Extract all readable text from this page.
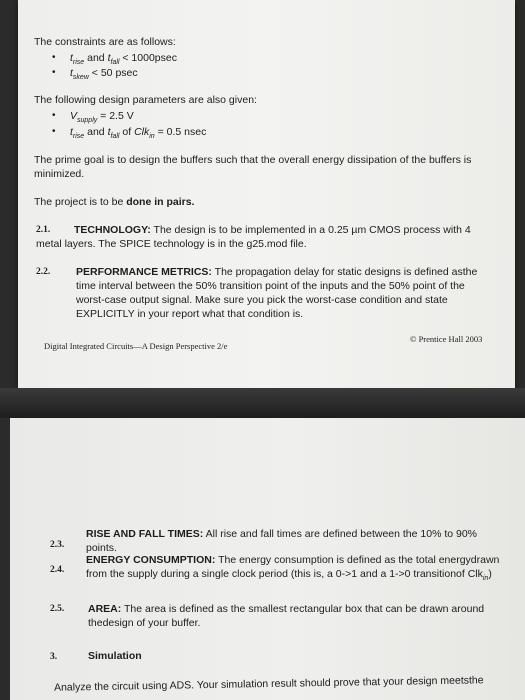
The constraints are as follows:
• $t_{rise}$ and $t_{fall} < 1000psec$
• $t_{skew} < 50$ psec
The following design parameters are also given:
• $V_{supply} = 2.5$ V
• $t_{rise}$ and $t_{fall}$ of Clk$_{in}$ = 0.5 nsec
The prime goal is to design the buffers such that the overall energy dissipation of the buffers is
minimized.
The project is to be done in pairs.
2.1. TECHNOLOGY: The design is to be implemented in a 0.25 µm CMOS process with 4
metal layers. The SPICE technology is in the g25.mod file.
2.2. PERFORMANCE METRICS: The propagation delay for static designs is defined asthe
time interval between the 50% transition point of the inputs and the 50% point of the
worst-case output signal. Make sure you pick the worst-case condition and state
EXPLICITLY in your report what that condition is.
Digital Integrated Circuits—A Design Perspective 2/e
© Prentice Hall 2003
2.3.
RISE AND FALL TIMES: All rise and fall times are defined between the 10% to 90%
points.
2.4.
ENERGY CONSUMPTION: The energy consumption is defined as the total energydrawn
from the supply during a single clock period (this is, a 0->1 and a 1->0 transitionof Clk$_{in}$)
2.5. AREA: The area is defined as the smallest rectangular box that can be drawn around
thedesign of your buffer.
3.	Simulation
Analyze the circuit using ADS. Your simulation result should prove that your design meetsthe
